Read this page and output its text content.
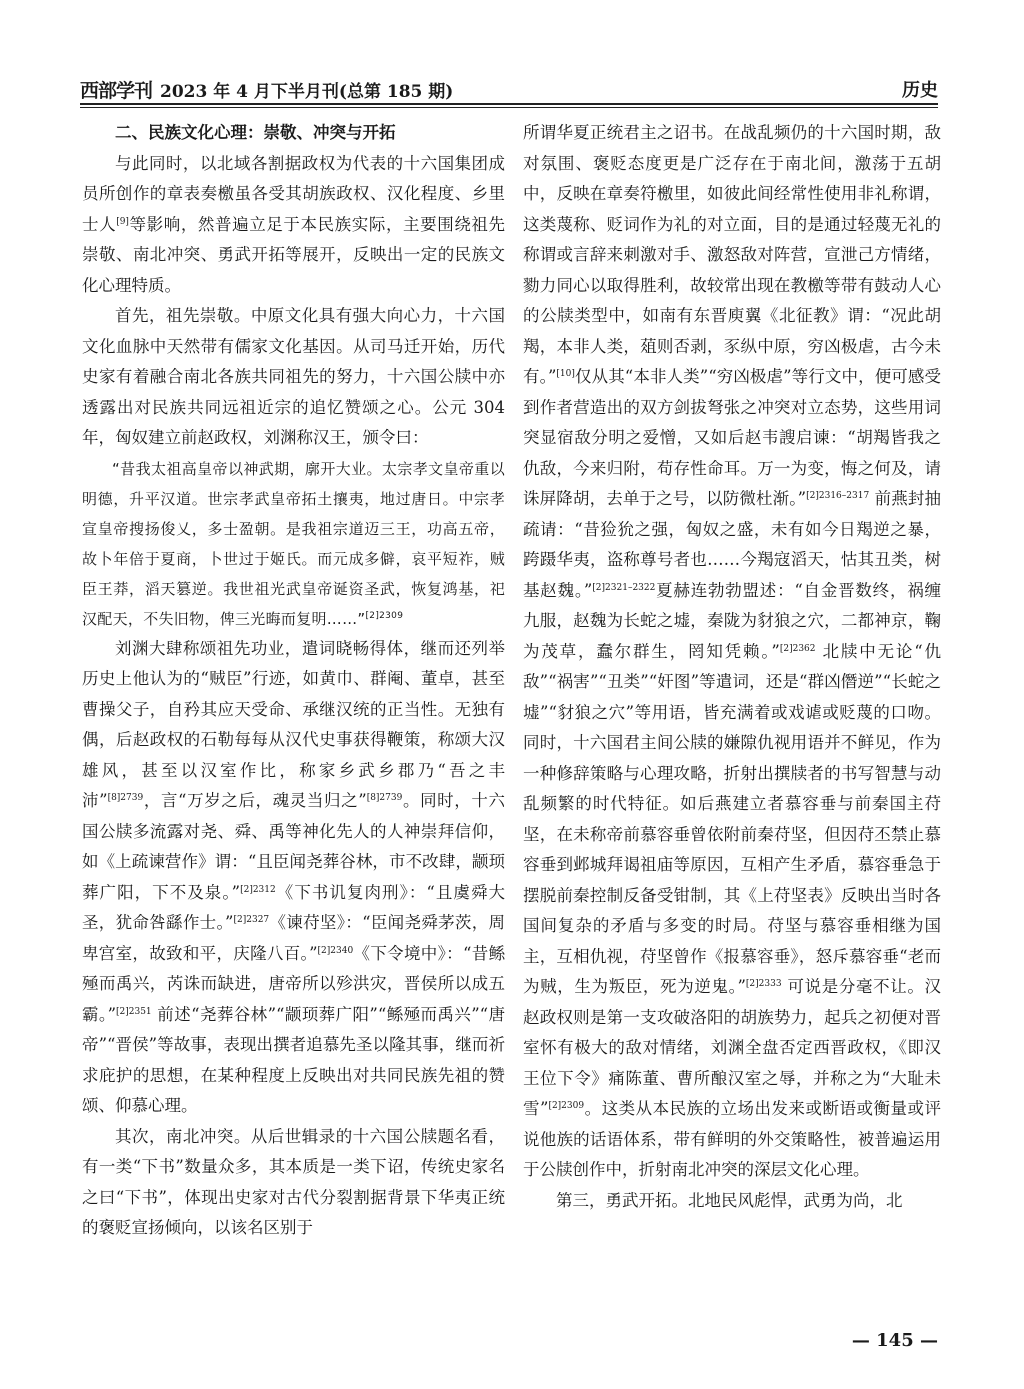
西部学刊 2023 年 4 月下半月刊(总第 185 期)	历史
二、民族文化心理：崇敬、冲突与开拓

与此同时，以北域各割据政权为代表的十六国集团成员所创作的章表奏檄虽各受其胡族政权、汉化程度、乡里士人[9]等影响，然普遍立足于本民族实际，主要围绕祖先崇敬、南北冲突、勇武开拓等展开，反映出一定的民族文化心理特质。

首先，祖先崇敬。中原文化具有强大向心力，十六国文化血脉中天然带有儒家文化基因。从司马迁开始，历代史家有着融合南北各族共同祖先的努力，十六国公牍中亦透露出对民族共同远祖近宗的追忆赞颂之心。公元 304 年，匈奴建立前赵政权，刘渊称汉王，颁令曰：

“昔我太祖高皇帝以神武期，廓开大业。太宗孝文皇帝重以明德，升平汉道。世宗孝武皇帝拓土攘夷，地过唐日。中宗孝宣皇帝搜扬俊乂，多士盈朝。是我祖宗道迈三王，功高五帝，故卜年倍于夏商，卜世过于姬氏。而元成多僻，哀平短祚，贼臣王莽，滔天篡逆。我世祖光武皇帝诞资圣武，恢复鸿基，祀汉配天，不失旧物，俾三光晦而复明……”$^{[2]2309}$

刘渊大肆称颂祖先功业，遣词晓畅得体，继而还列举历史上他认为的“贼臣”行迹，如黄巾、群阉、董卓，甚至曹操父子，自矜其应天受命、承继汉统的正当性。无独有偶，后赵政权的石勒每每从汉代史事获得鞭策，称颂大汉雄风，甚至以汉室作比，称家乡武乡郡乃“吾之丰沛”$^{[8]2739}$，言“万岁之后，魂灵当归之”$^{[8]2739}$。同时，十六国公牍多流露对尧、舜、禹等神化先人的人神崇拜信仰，如《上疏谏营作》谓：“且臣闻尧葬谷林，市不改肆，颛顼葬广阳，下不及泉。”$^{[2]2312}$《下书讥复肉刑》：“且虞舜大圣，犹命咎繇作士。”$^{[2]2327}$《谏苻坚》：“臣闻尧舜茅茨，周卑宫室，故致和平，庆隆八百。”$^{[2]2340}$《下令境中》：“昔鲧殛而禹兴，芮诛而缺进，唐帝所以殄洪灾，晋侯所以成五霸。”$^{[2]2351}$ 前述“尧葬谷林”“颛顼葬广阳”“鲧殛而禹兴”“唐帝”“晋侯”等故事，表现出撰者追慕先圣以隆其事，继而祈求庇护的思想，在某种程度上反映出对共同民族先祖的赞颂、仰慕心理。

其次，南北冲突。从后世辑录的十六国公牍题名看，有一类“下书”数量众多，其本质是一类下诏，传统史家名之曰“下书”，体现出史家对古代分裂割据背景下华夷正统的褒贬宣扬倾向，以该名区别于

所谓华夏正统君主之诏书。在战乱频仍的十六国时期，敌对氛围、褒贬态度更是广泛存在于南北间，激荡于五胡中，反映在章奏符檄里，如彼此间经常性使用非礼称谓，这类蔑称、贬词作为礼的对立面，目的是通过轻蔑无礼的称谓或言辞来刺激对手、激怒敌对阵营，宣泄己方情绪，勠力同心以取得胜利，故较常出现在教檄等带有鼓动人心的公牍类型中，如南有东晋庾翼《北征教》谓：“况此胡羯，本非人类，葅则否剥，豕纵中原，穷凶极虐，古今未有。”[10]仅从其“本非人类”“穷凶极虐”等行文中，便可感受到作者营造出的双方剑拔弩张之冲突对立态势，这些用词突显宿敌分明之爱憎，又如后赵韦謏启谏：“胡羯皆我之仇敌，今来归附，苟存性命耳。万一为变，悔之何及，请诛屏降胡，去单于之号，以防微杜渐。”$^{[2]2316-2317}$ 前燕封抽疏请：“昔猃狁之强，匈奴之盛，未有如今日羯逆之暴，跨蹑华夷，盗称尊号者也……今羯寇滔天，怙其丑类，树基赵魏。”$^{[2]2321-2322}$夏赫连勃勃盟述：“自金晋数终，祸缠九服，赵魏为长蛇之墟，秦陇为豺狼之穴，二都神京，鞠为茂草，蠢尔群生，罔知凭赖。”$^{[2]2362}$ 北牍中无论“仇敌”“祸害”“丑类”“奸图”等遣词，还是“群凶僭逆”“长蛇之墟”“豺狼之穴”等用语，皆充满着或戏谑或贬蔑的口吻。同时，十六国君主间公牍的嫌隙仇视用语并不鲜见，作为一种修辞策略与心理攻略，折射出撰牍者的书写智慧与动乱频繁的时代特征。如后燕建立者慕容垂与前秦国主苻坚，在未称帝前慕容垂曾依附前秦苻坚，但因苻丕禁止慕容垂到邺城拜谒祖庙等原因，互相产生矛盾，慕容垂急于摆脱前秦控制反备受钳制，其《上苻坚表》反映出当时各国间复杂的矛盾与多变的时局。苻坚与慕容垂相继为国主，互相仇视，苻坚曾作《报慕容垂》，怒斥慕容垂“老而为贼，生为叛臣，死为逆鬼。”$^{[2]2333}$ 可说是分毫不让。汉赵政权则是第一支攻破洛阳的胡族势力，起兵之初便对晋室怀有极大的敌对情绪，刘渊全盘否定西晋政权，《即汉王位下令》痛陈董、曹所酿汉室之辱，并称之为“大耻未雪”$^{[2]2309}$。这类从本民族的立场出发来或断语或衡量或评说他族的话语体系，带有鲜明的外交策略性，被普遍运用于公牍创作中，折射南北冲突的深层文化心理。

第三，勇武开拓。北地民风彪悍，武勇为尚，北

— 145 —
